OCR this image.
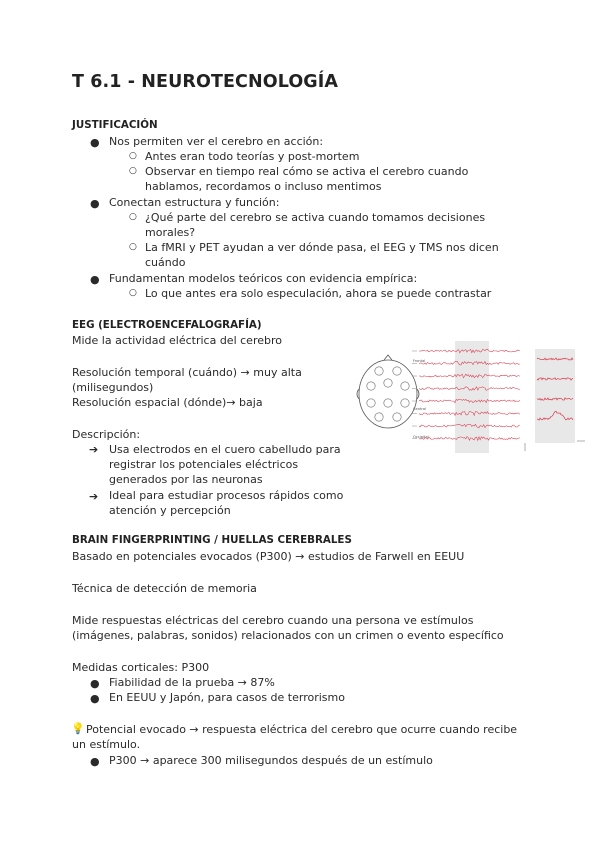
T 6.1 - NEUROTECNOLOGÍA
JUSTIFICACIÓN
● Nos permiten ver el cerebro en acción:
○ Antes eran todo teorías y post-mortem
○ Observar en tiempo real cómo se activa el cerebro cuando
hablamos, recordamos o incluso mentimos
● Conectan estructura y función:
○ ¿Qué parte del cerebro se activa cuando tomamos decisiones
morales?
○ La fMRI y PET ayudan a ver dónde pasa, el EEG y TMS nos dicen
cuándo
● Fundamentan modelos teóricos con evidencia empírica:
○ Lo que antes era solo especulación, ahora se puede contrastar
EEG (ELECTROENCEFALOGRAFÍA)
Mide la actividad eléctrica del cerebro
Resolución temporal (cuándo) → muy alta
(milisegundos)
Resolución espacial (dónde)→ baja
Descripción:
➔ Usa electrodos en el cuero cabelludo para
registrar los potenciales eléctricos
generados por las neuronas
➔ Ideal para estudiar procesos rápidos como
atención y percepción
Frontal
Central
Occipital
BRAIN FINGERPRINTING / HUELLAS CEREBRALES
Basado en potenciales evocados (P300) → estudios de Farwell en EEUU
Técnica de detección de memoria
Mide respuestas eléctricas del cerebro cuando una persona ve estímulos
(imágenes, palabras, sonidos) relacionados con un crimen o evento específico
Medidas corticales: P300
● Fiabilidad de la prueba → 87%
● En EEUU y Japón, para casos de terrorismo
💡 Potencial evocado → respuesta eléctrica del cerebro que ocurre cuando recibe
un estímulo.
● P300 → aparece 300 milisegundos después de un estímulo
